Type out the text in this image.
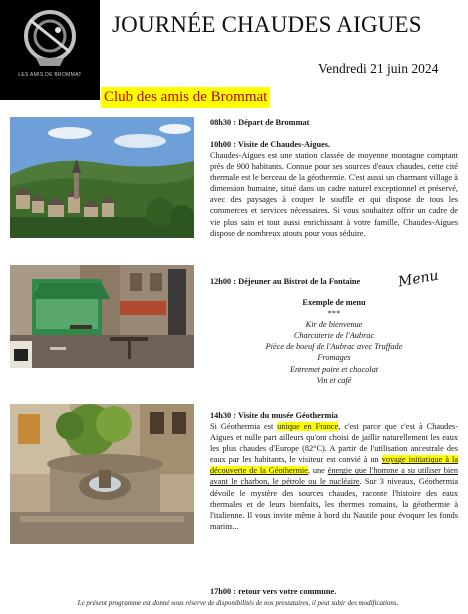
LES AMIS DE BROMMAT
JOURNÉE CHAUDES AIGUES
Vendredi 21 juin 2024
Club des amis de Brommat
08h30 : Départ de Brommat
10h00 : Visite de Chaudes-Aigues.
Chaudes-Aigues est une station classée de moyenne montagne comptant près de 900 habitants. Connue pour ses sources d'eaux chaudes, cette cité thermale est le berceau de la géothermie. C'est aussi un charmant village à dimension humaine, situé dans un cadre naturel exceptionnel et préservé, avec des paysages à couper le souffle et qui dispose de tous les commerces et services nécessaires. Si vous souhaitez offrir un cadre de vie plus sain et tout aussi enrichissant à votre famille, Chaudes-Aigues dispose de nombreux atouts pour vous séduire.
12h00 : Déjeuner au Bistrot de la Fontaine	Menu
Exemple de menu
***
Kir de bienvenue
Charcuterie de l'Aubrac
Pièce de boeuf de l'Aubrac avec Truffade
Fromages
Entremet poire et chocolat
Vin et café
14h30 : Visite du musée Géothermia
Si Géothermia est unique en France, c'est parce que c'est à Chaudes-Aigues et nulle part ailleurs qu'ont choisi de jaillir naturellement les eaux les plus chaudes d'Europe (82°C). A partir de l'utilisation ancestrale des eaux par les habitants, le visiteur est convié à un voyage initiatique à la découverte de la Géothermie, une énergie que l'homme a su utiliser bien avant le charbon, le pétrole ou le nucléaire. Sur 3 niveaux, Géothermia dévoile le mystère des sources chaudes, raconte l'histoire des eaux thermales et de leurs bienfaits, les thermes romains, la géothermie à l'italienne. Il vous invite même à bord du Nautile pour évoquer les fonds marins...
17h00 : retour vers votre commune.
Le présent programme est donné sous réserve de disponibilités de nos prestataires, il peut subir des modifications.
